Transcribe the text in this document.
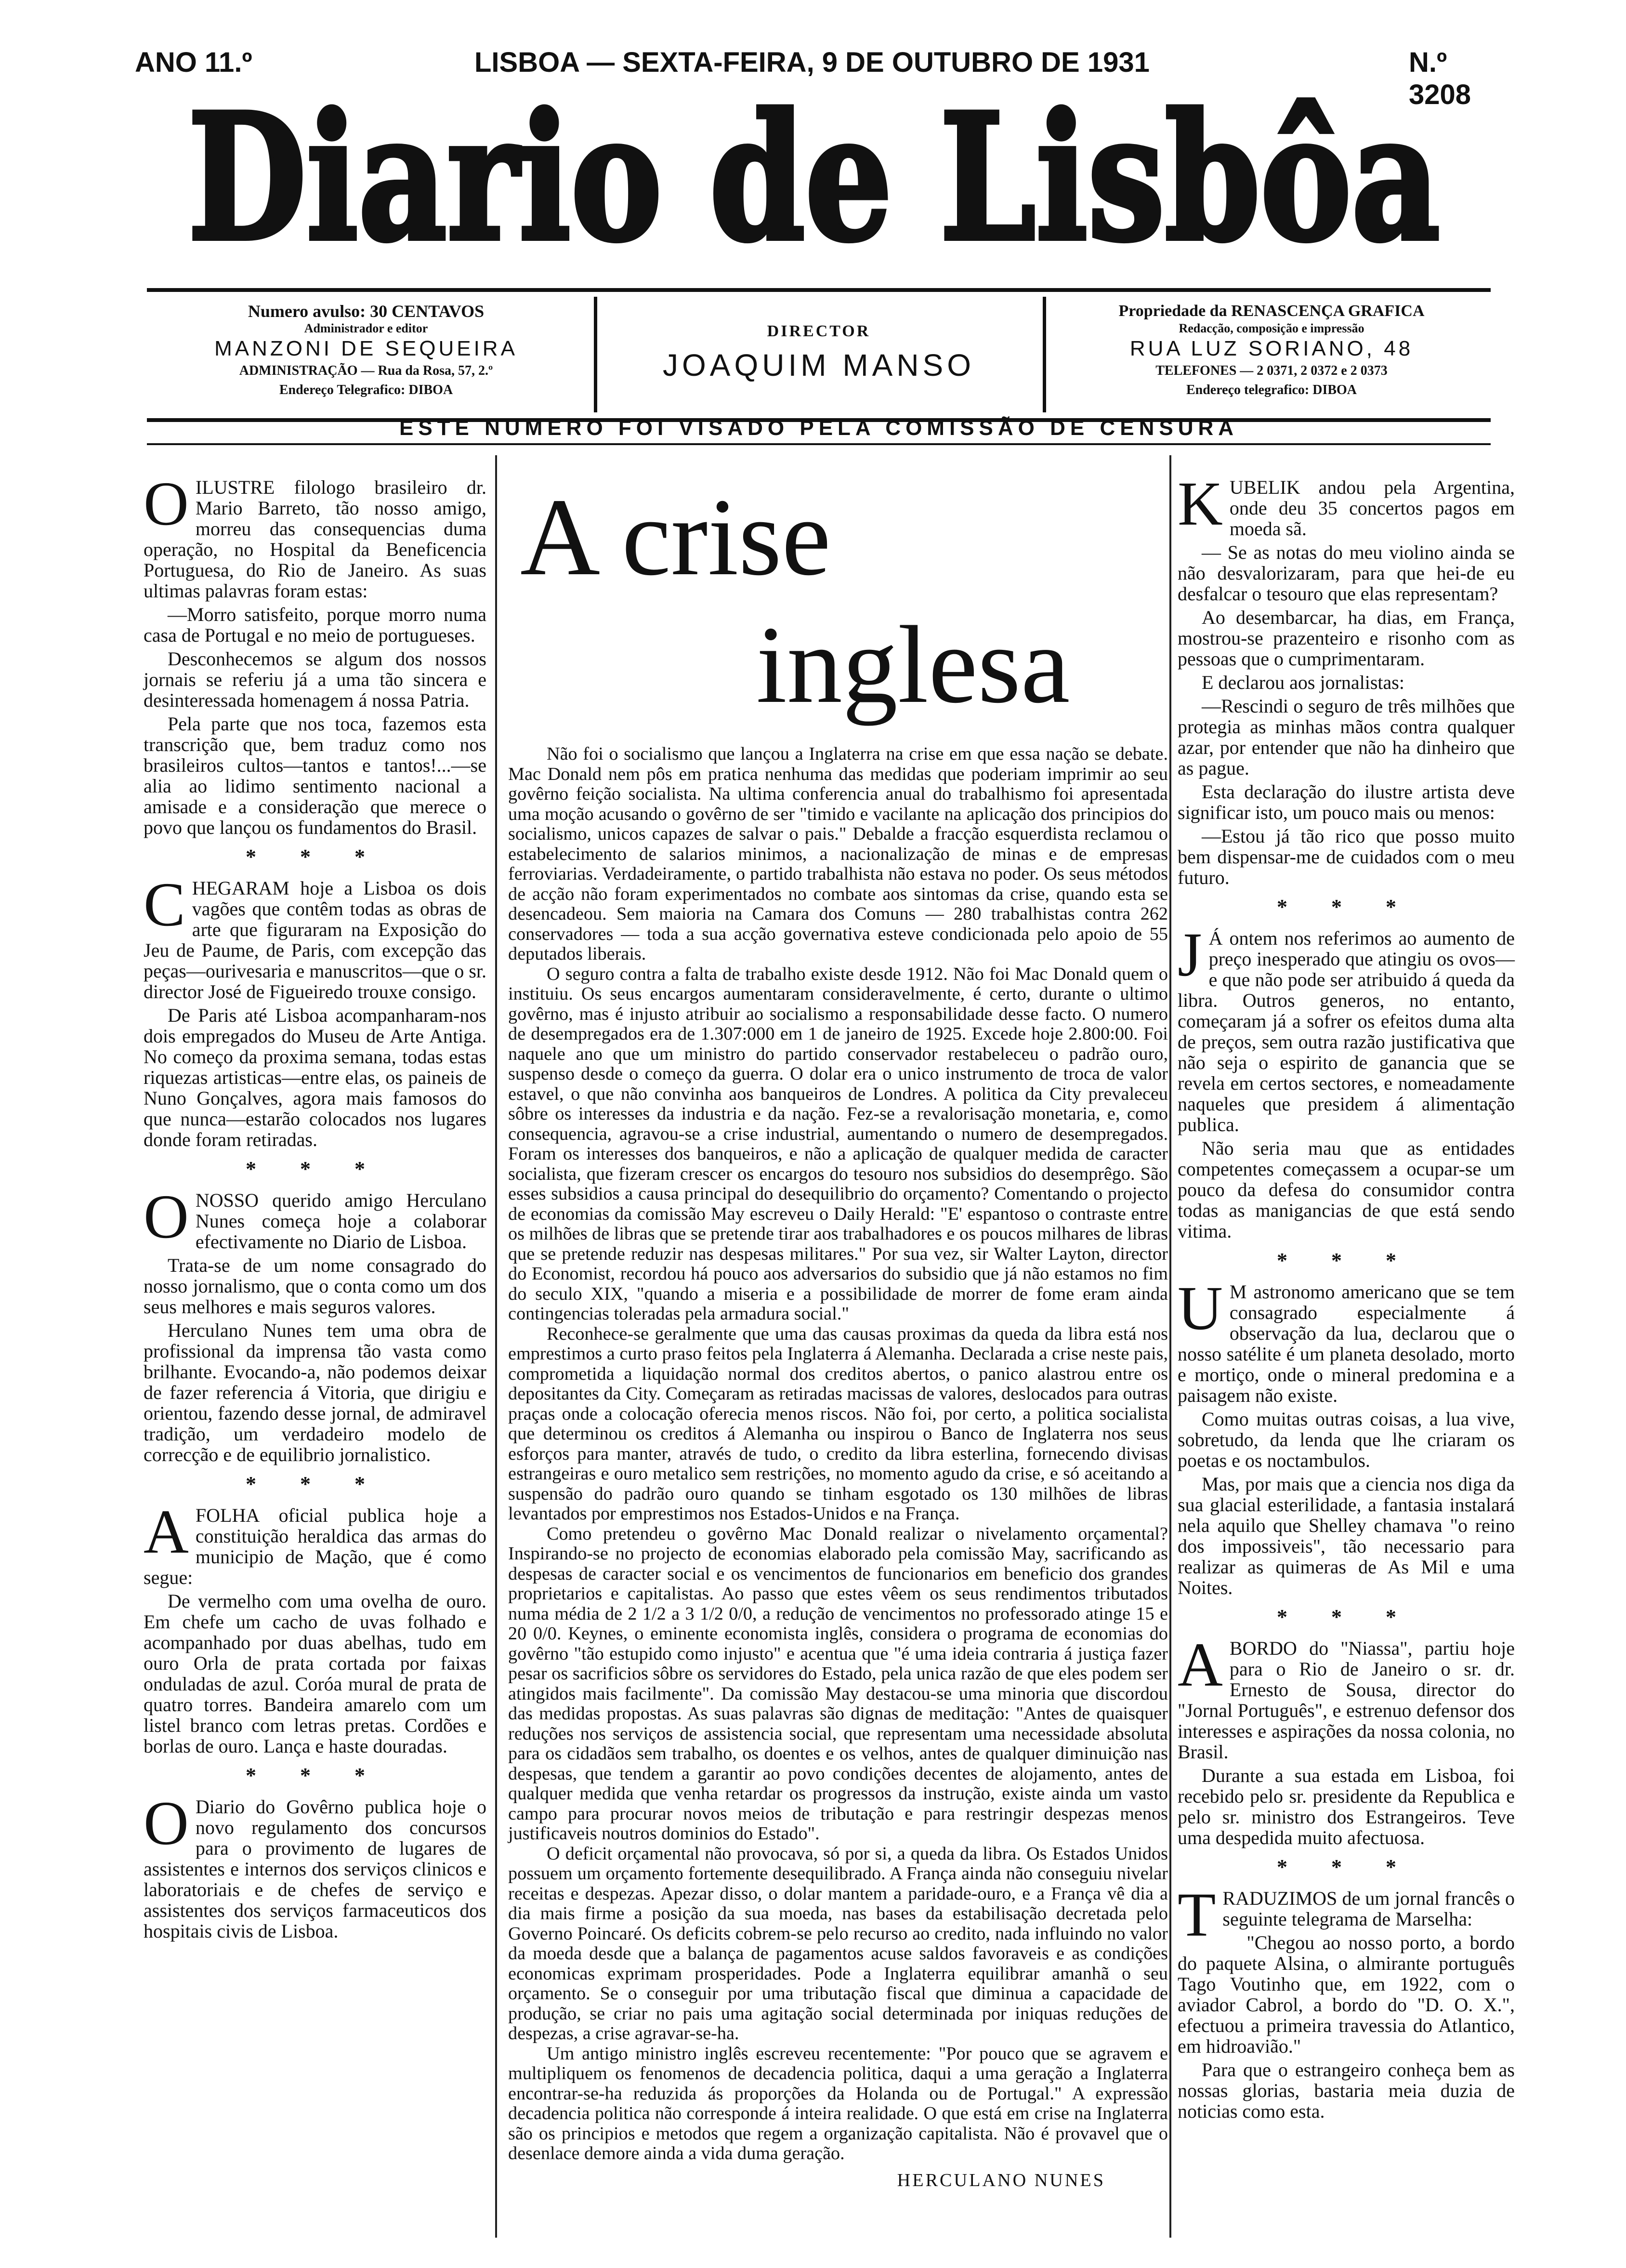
ANO 11.º	LISBOA — SEXTA-FEIRA, 9 DE OUTUBRO DE 1931	N.º 3208
Diario de Lisbôa
Numero avulso: 30 CENTAVOS
Administrador e editor
MANZONI DE SEQUEIRA
ADMINISTRAÇÃO — Rua da Rosa, 57, 2.º
Endereço Telegrafico: DIBOA
DIRECTOR
JOAQUIM MANSO
Propriedade da RENASCENÇA GRAFICA
Redacção, composição e impressão
RUA LUZ SORIANO, 48
TELEFONES — 2 0371, 2 0372 e 2 0373
Endereço telegrafico: DIBOA
ESTE NUMERO FOI VISADO PELA COMISSÃO DE CENSURA

OILUSTRE filologo brasileiro dr. Mario Barreto, tão nosso amigo, morreu das consequencias duma operação, no Hospital da Beneficencia Portuguesa, do Rio de Janeiro. As suas ultimas palavras foram estas:

—Morro satisfeito, porque morro numa casa de Portugal e no meio de portugueses.

Desconhecemos se algum dos nossos jornais se referiu já a uma tão sincera e desinteressada homenagem á nossa Patria.

Pela parte que nos toca, fazemos esta transcrição que, bem traduz como nos brasileiros cultos—tantos e tantos!...—se alia ao lidimo sentimento nacional a amisade e a consideração que merece o povo que lançou os fundamentos do Brasil.

* * *

CHEGARAM hoje a Lisboa os dois vagões que contêm todas as obras de arte que figuraram na Exposição do Jeu de Paume, de Paris, com excepção das peças—ourivesaria e manuscritos—que o sr. director José de Figueiredo trouxe consigo.

De Paris até Lisboa acompanharam-nos dois empregados do Museu de Arte Antiga. No começo da proxima semana, todas estas riquezas artisticas—entre elas, os paineis de Nuno Gonçalves, agora mais famosos do que nunca—estarão colocados nos lugares donde foram retiradas.

* * *

ONOSSO querido amigo Herculano Nunes começa hoje a colaborar efectivamente no Diario de Lisboa.

Trata-se de um nome consagrado do nosso jornalismo, que o conta como um dos seus melhores e mais seguros valores.

Herculano Nunes tem uma obra de profissional da imprensa tão vasta como brilhante. Evocando-a, não podemos deixar de fazer referencia á Vitoria, que dirigiu e orientou, fazendo desse jornal, de admiravel tradição, um verdadeiro modelo de correcção e de equilibrio jornalistico.

* * *

AFOLHA oficial publica hoje a constituição heraldica das armas do municipio de Mação, que é como segue:

De vermelho com uma ovelha de ouro. Em chefe um cacho de uvas folhado e acompanhado por duas abelhas, tudo em ouro Orla de prata cortada por faixas onduladas de azul. Coróa mural de prata de quatro torres. Bandeira amarelo com um listel branco com letras pretas. Cordões e borlas de ouro. Lança e haste douradas.

* * *

O Diario do Govêrno publica hoje o novo regulamento dos concursos para o provimento de lugares de assistentes e internos dos serviços clinicos e laboratoriais e de chefes de serviço e assistentes dos serviços farmaceuticos dos hospitais civis de Lisboa.

A crise
inglesa

Não foi o socialismo que lançou a Inglaterra na crise em que essa nação se debate. Mac Donald nem pôs em pratica nenhuma das medidas que poderiam imprimir ao seu govêrno feição socialista. Na ultima conferencia anual do trabalhismo foi apresentada uma moção acusando o govêrno de ser "timido e vacilante na aplicação dos principios do socialismo, unicos capazes de salvar o pais." Debalde a fracção esquerdista reclamou o estabelecimento de salarios minimos, a nacionalização de minas e de empresas ferroviarias. Verdadeiramente, o partido trabalhista não estava no poder. Os seus métodos de acção não foram experimentados no combate aos sintomas da crise, quando esta se desencadeou. Sem maioria na Camara dos Comuns — 280 trabalhistas contra 262 conservadores — toda a sua acção governativa esteve condicionada pelo apoio de 55 deputados liberais.

O seguro contra a falta de trabalho existe desde 1912. Não foi Mac Donald quem o instituiu. Os seus encargos aumentaram consideravelmente, é certo, durante o ultimo govêrno, mas é injusto atribuir ao socialismo a responsabilidade desse facto. O numero de desempregados era de 1.307:000 em 1 de janeiro de 1925. Excede hoje 2.800:00. Foi naquele ano que um ministro do partido conservador restabeleceu o padrão ouro, suspenso desde o começo da guerra. O dolar era o unico instrumento de troca de valor estavel, o que não convinha aos banqueiros de Londres. A politica da City prevaleceu sôbre os interesses da industria e da nação. Fez-se a revalorisação monetaria, e, como consequencia, agravou-se a crise industrial, aumentando o numero de desempregados. Foram os interesses dos banqueiros, e não a aplicação de qualquer medida de caracter socialista, que fizeram crescer os encargos do tesouro nos subsidios do desemprêgo. São esses subsidios a causa principal do desequilibrio do orçamento? Comentando o projecto de economias da comissão May escreveu o Daily Herald: "E' espantoso o contraste entre os milhões de libras que se pretende tirar aos trabalhadores e os poucos milhares de libras que se pretende reduzir nas despesas militares." Por sua vez, sir Walter Layton, director do Economist, recordou há pouco aos adversarios do subsidio que já não estamos no fim do seculo XIX, "quando a miseria e a possibilidade de morrer de fome eram ainda contingencias toleradas pela armadura social."

Reconhece-se geralmente que uma das causas proximas da queda da libra está nos emprestimos a curto praso feitos pela Inglaterra á Alemanha. Declarada a crise neste pais, comprometida a liquidação normal dos creditos abertos, o panico alastrou entre os depositantes da City. Começaram as retiradas macissas de valores, deslocados para outras praças onde a colocação oferecia menos riscos. Não foi, por certo, a politica socialista que determinou os creditos á Alemanha ou inspirou o Banco de Inglaterra nos seus esforços para manter, através de tudo, o credito da libra esterlina, fornecendo divisas estrangeiras e ouro metalico sem restrições, no momento agudo da crise, e só aceitando a suspensão do padrão ouro quando se tinham esgotado os 130 milhões de libras levantados por emprestimos nos Estados-Unidos e na França.

Como pretendeu o govêrno Mac Donald realizar o nivelamento orçamental? Inspirando-se no projecto de economias elaborado pela comissão May, sacrificando as despesas de caracter social e os vencimentos de funcionarios em beneficio dos grandes proprietarios e capitalistas. Ao passo que estes vêem os seus rendimentos tributados numa média de 2 1/2 a 3 1/2 0/0, a redução de vencimentos no professorado atinge 15 e 20 0/0. Keynes, o eminente economista inglês, considera o programa de economias do govêrno "tão estupido como injusto" e acentua que "é uma ideia contraria á justiça fazer pesar os sacrificios sôbre os servidores do Estado, pela unica razão de que eles podem ser atingidos mais facilmente". Da comissão May destacou-se uma minoria que discordou das medidas propostas. As suas palavras são dignas de meditação: "Antes de quaisquer reduções nos serviços de assistencia social, que representam uma necessidade absoluta para os cidadãos sem trabalho, os doentes e os velhos, antes de qualquer diminuição nas despesas, que tendem a garantir ao povo condições decentes de alojamento, antes de qualquer medida que venha retardar os progressos da instrução, existe ainda um vasto campo para procurar novos meios de tributação e para restringir despezas menos justificaveis noutros dominios do Estado".

O deficit orçamental não provocava, só por si, a queda da libra. Os Estados Unidos possuem um orçamento fortemente desequilibrado. A França ainda não conseguiu nivelar receitas e despezas. Apezar disso, o dolar mantem a paridade-ouro, e a França vê dia a dia mais firme a posição da sua moeda, nas bases da estabilisação decretada pelo Governo Poincaré. Os deficits cobrem-se pelo recurso ao credito, nada influindo no valor da moeda desde que a balança de pagamentos acuse saldos favoraveis e as condições economicas exprimam prosperidades. Pode a Inglaterra equilibrar amanhã o seu orçamento. Se o conseguir por uma tributação fiscal que diminua a capacidade de produção, se criar no pais uma agitação social determinada por iniquas reduções de despezas, a crise agravar-se-ha.

Um antigo ministro inglês escreveu recentemente: "Por pouco que se agravem e multipliquem os fenomenos de decadencia politica, daqui a uma geração a Inglaterra encontrar-se-ha reduzida ás proporções da Holanda ou de Portugal." A expressão decadencia politica não corresponde á inteira realidade. O que está em crise na Inglaterra são os principios e metodos que regem a organização capitalista. Não é provavel que o desenlace demore ainda a vida duma geração.

HERCULANO NUNES

KUBELIK andou pela Argentina, onde deu 35 concertos pagos em moeda sã.

— Se as notas do meu violino ainda se não desvalorizaram, para que hei-de eu desfalcar o tesouro que elas representam?

Ao desembarcar, ha dias, em França, mostrou-se prazenteiro e risonho com as pessoas que o cumprimentaram.

E declarou aos jornalistas:

—Rescindi o seguro de três milhões que protegia as minhas mãos contra qualquer azar, por entender que não ha dinheiro que as pague.

Esta declaração do ilustre artista deve significar isto, um pouco mais ou menos:

—Estou já tão rico que posso muito bem dispensar-me de cuidados com o meu futuro.

* * *

J Á ontem nos referimos ao aumento de preço inesperado que atingiu os ovos—e que não pode ser atribuido á queda da libra. Outros generos, no entanto, começaram já a sofrer os efeitos duma alta de preços, sem outra razão justificativa que não seja o espirito de ganancia que se revela em certos sectores, e nomeadamente naqueles que presidem á alimentação publica.

Não seria mau que as entidades competentes começassem a ocupar-se um pouco da defesa do consumidor contra todas as manigancias de que está sendo vitima.

* * *

U M astronomo americano que se tem consagrado especialmente á observação da lua, declarou que o nosso satélite é um planeta desolado, morto e mortiço, onde o mineral predomina e a paisagem não existe.

Como muitas outras coisas, a lua vive, sobretudo, da lenda que lhe criaram os poetas e os noctambulos.

Mas, por mais que a ciencia nos diga da sua glacial esterilidade, a fantasia instalará nela aquilo que Shelley chamava "o reino dos impossiveis", tão necessario para realizar as quimeras de As Mil e uma Noites.

* * *

ABORDO do "Niassa", partiu hoje para o Rio de Janeiro o sr. dr. Ernesto de Sousa, director do "Jornal Português", e estrenuo defensor dos interesses e aspirações da nossa colonia, no Brasil.

Durante a sua estada em Lisboa, foi recebido pelo sr. presidente da Republica e pelo sr. ministro dos Estrangeiros. Teve uma despedida muito afectuosa.

* * *

TRADUZIMOS de um jornal francês o seguinte telegrama de Marselha:

"Chegou ao nosso porto, a bordo do paquete Alsina, o almirante português Tago Voutinho que, em 1922, com o aviador Cabrol, a bordo do "D. O. X.", efectuou a primeira travessia do Atlantico, em hidroavião."

Para que o estrangeiro conheça bem as nossas glorias, bastaria meia duzia de noticias como esta.
